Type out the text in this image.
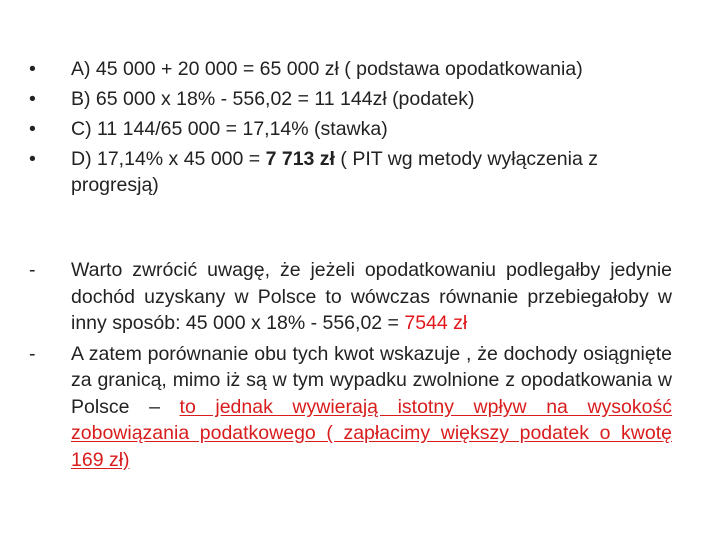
•	A) 45 000 + 20 000 = 65 000 zł ( podstawa opodatkowania)
•	B) 65 000 x 18% - 556,02 = 11 144zł (podatek)
•	C) 11 144/65 000 = 17,14% (stawka)
•	D) 17,14% x 45 000 = 7 713 zł ( PIT wg metody wyłączenia z progresją)
- Warto zwrócić uwagę, że jeżeli opodatkowaniu podlegałby jedynie dochód uzyskany w Polsce to wówczas równanie przebiegałoby w inny sposób: 45 000 x 18% - 556,02 = 7544 zł
- A zatem porównanie obu tych kwot wskazuje , że dochody osiągnięte za granicą, mimo iż są w tym wypadku zwolnione z opodatkowania w Polsce – to jednak wywierają istotny wpływ na wysokość zobowiązania podatkowego ( zapłacimy większy podatek o kwotę 169 zł)
